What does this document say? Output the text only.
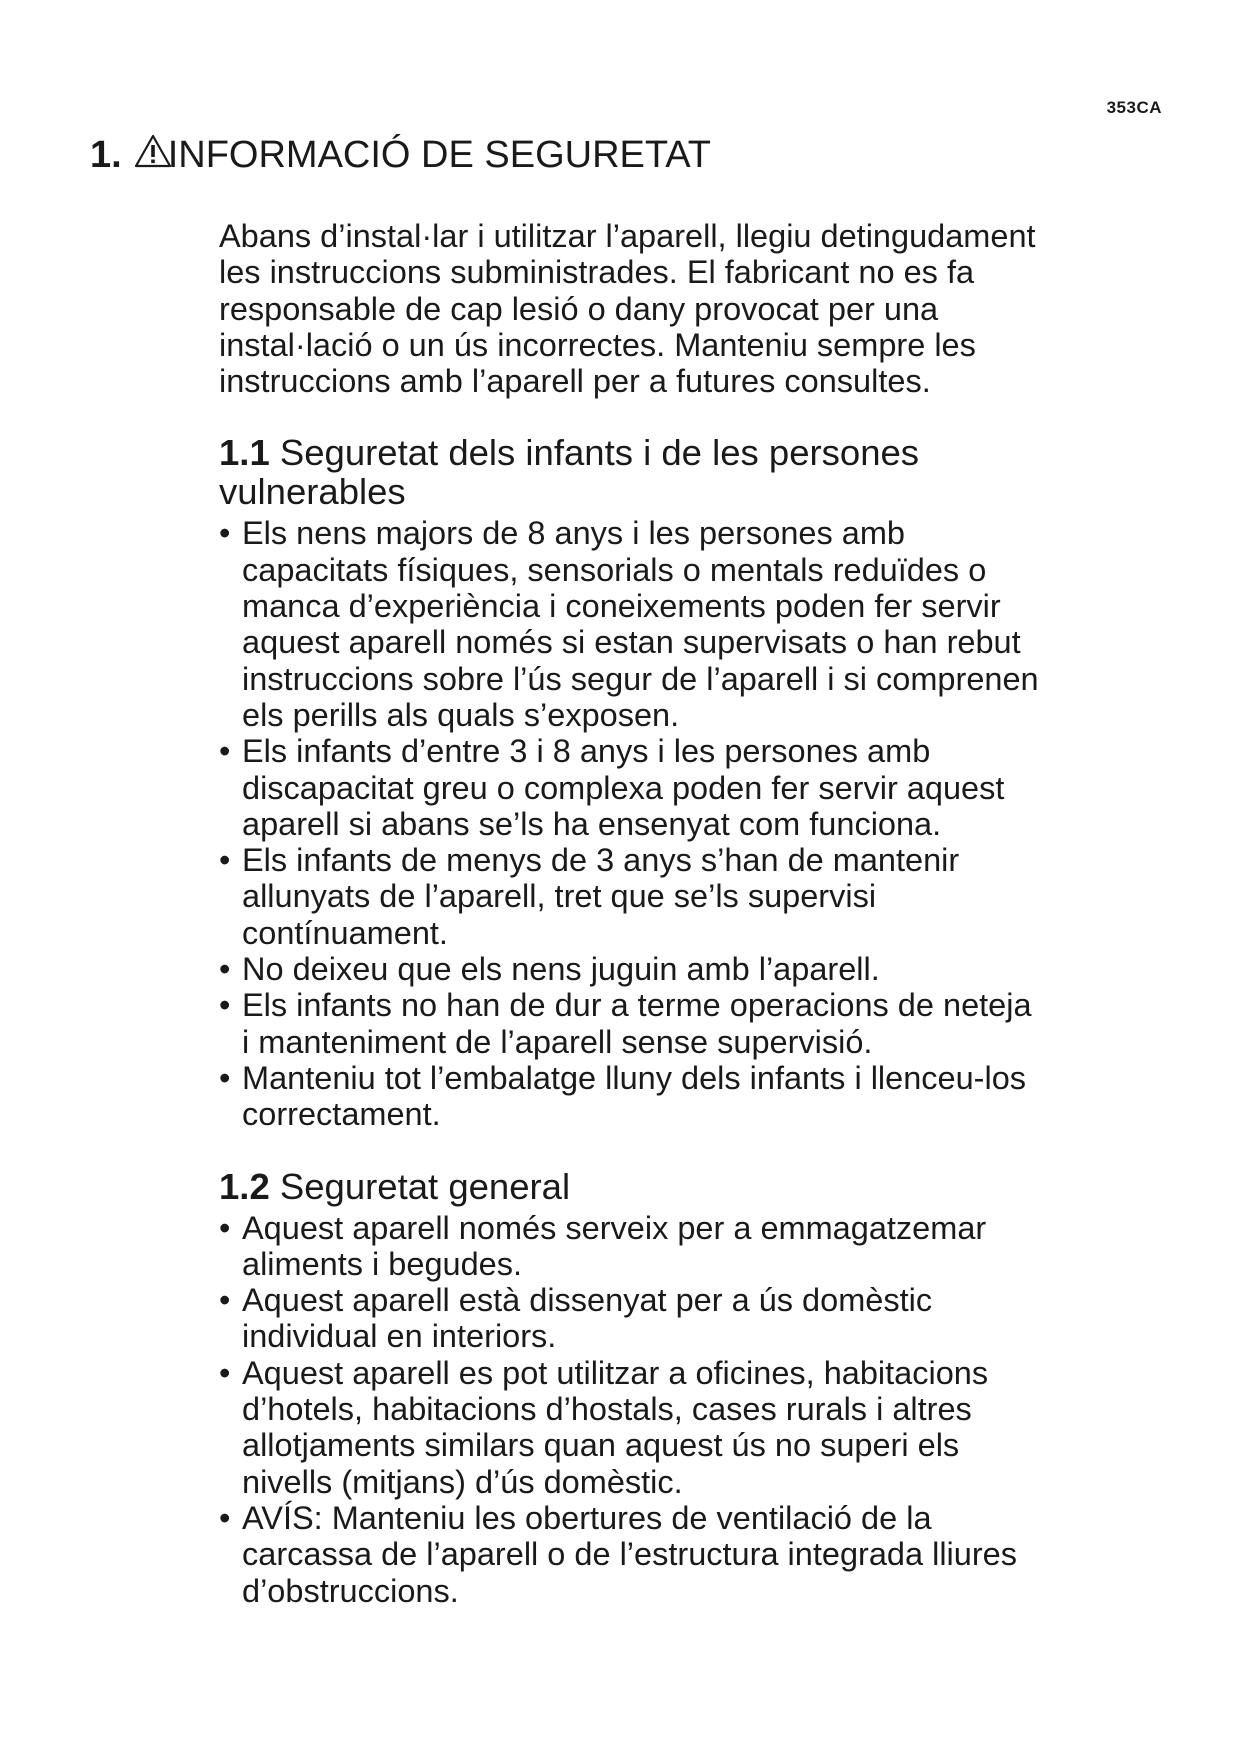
353CA
1. INFORMACIÓ DE SEGURETAT

Abans d’instal·lar i utilitzar l’aparell, llegiu detingudament

les instruccions subministrades. El fabricant no es fa

responsable de cap lesió o dany provocat per una

instal·lació o un ús incorrectes. Manteniu sempre les

instruccions amb l’aparell per a futures consultes.

1.1 Seguretat dels infants i de les persones
vulnerables
• Els nens majors de 8 anys i les persones amb
capacitats físiques, sensorials o mentals reduïdes o
manca d’experiència i coneixements poden fer servir
aquest aparell només si estan supervisats o han rebut
instruccions sobre l’ús segur de l’aparell i si comprenen
els perills als quals s’exposen.
• Els infants d’entre 3 i 8 anys i les persones amb
discapacitat greu o complexa poden fer servir aquest
aparell si abans se’ls ha ensenyat com funciona.
• Els infants de menys de 3 anys s’han de mantenir
allunyats de l’aparell, tret que se’ls supervisi
contínuament.
• No deixeu que els nens juguin amb l’aparell.
• Els infants no han de dur a terme operacions de neteja
i manteniment de l’aparell sense supervisió.
• Manteniu tot l’embalatge lluny dels infants i llenceu-los
correctament.
1.2 Seguretat general
• Aquest aparell només serveix per a emmagatzemar
aliments i begudes.
• Aquest aparell està dissenyat per a ús domèstic
individual en interiors.
• Aquest aparell es pot utilitzar a oficines, habitacions
d’hotels, habitacions d’hostals, cases rurals i altres
allotjaments similars quan aquest ús no superi els
nivells (mitjans) d’ús domèstic.
• AVÍS: Manteniu les obertures de ventilació de la
carcassa de l’aparell o de l’estructura integrada lliures
d’obstruccions.
